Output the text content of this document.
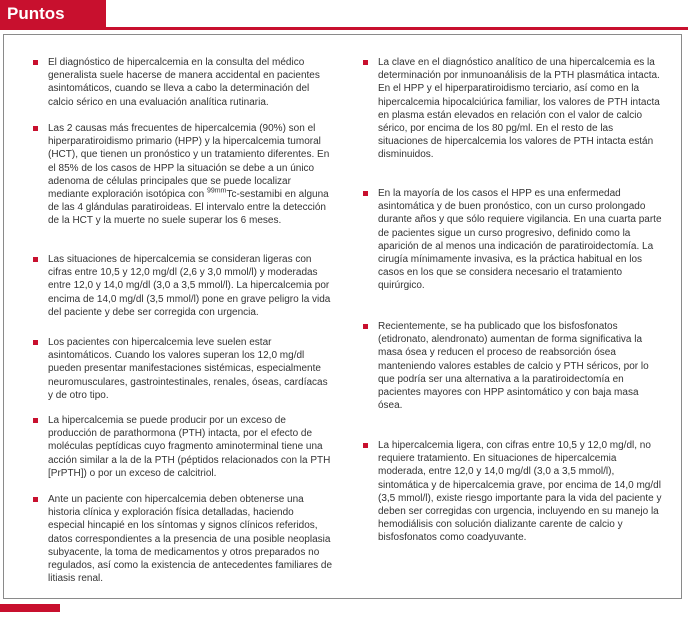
Puntos clave
El diagnóstico de hipercalcemia en la consulta del médico generalista suele hacerse de manera accidental en pacientes asintomáticos, cuando se lleva a cabo la determinación del calcio sérico en una evaluación analítica rutinaria.
Las 2 causas más frecuentes de hipercalcemia (90%) son el hiperparatiroidismo primario (HPP) y la hipercalcemia tumoral (HCT), que tienen un pronóstico y un tratamiento diferentes. En el 85% de los casos de HPP la situación se debe a un único adenoma de células principales que se puede localizar mediante exploración isotópica con $^{99mm}$Tc-sestamibi en alguna de las 4 glándulas paratiroideas. El intervalo entre la detección de la HCT y la muerte no suele superar los 6 meses.
Las situaciones de hipercalcemia se consideran ligeras con cifras entre 10,5 y 12,0 mg/dl (2,6 y 3,0 mmol/l) y moderadas entre 12,0 y 14,0 mg/dl (3,0 a 3,5 mmol/l). La hipercalcemia por encima de 14,0 mg/dl (3,5 mmol/l) pone en grave peligro la vida del paciente y debe ser corregida con urgencia.
Los pacientes con hipercalcemia leve suelen estar asintomáticos. Cuando los valores superan los 12,0 mg/dl pueden presentar manifestaciones sistémicas, especialmente neuromusculares, gastrointestinales, renales, óseas, cardíacas y de otro tipo.
La hipercalcemia se puede producir por un exceso de producción de parathormona (PTH) intacta, por el efecto de moléculas peptídicas cuyo fragmento aminoterminal tiene una acción similar a la de la PTH (péptidos relacionados con la PTH [PrPTH]) o por un exceso de calcitriol.
Ante un paciente con hipercalcemia deben obtenerse una historia clínica y exploración física detalladas, haciendo especial hincapié en los síntomas y signos clínicos referidos, datos correspondientes a la presencia de una posible neoplasia subyacente, la toma de medicamentos y otros preparados no regulados, así como la existencia de antecedentes familiares de litiasis renal.
La clave en el diagnóstico analítico de una hipercalcemia es la determinación por inmunoanálisis de la PTH plasmática intacta. En el HPP y el hiperparatiroidismo terciario, así como en la hipercalcemia hipocalciúrica familiar, los valores de PTH intacta en plasma están elevados en relación con el valor de calcio sérico, por encima de los 80 pg/ml. En el resto de las situaciones de hipercalcemia los valores de PTH intacta están disminuidos.
En la mayoría de los casos el HPP es una enfermedad asintomática y de buen pronóstico, con un curso prolongado durante años y que sólo requiere vigilancia. En una cuarta parte de pacientes sigue un curso progresivo, definido como la aparición de al menos una indicación de paratiroidectomía. La cirugía mínimamente invasiva, es la práctica habitual en los casos en los que se considera necesario el tratamiento quirúrgico.
Recientemente, se ha publicado que los bisfosfonatos (etidronato, alendronato) aumentan de forma significativa la masa ósea y reducen el proceso de reabsorción ósea manteniendo valores estables de calcio y PTH séricos, por lo que podría ser una alternativa a la paratiroidectomía en pacientes mayores con HPP asintomático y con baja masa ósea.
La hipercalcemia ligera, con cifras entre 10,5 y 12,0 mg/dl, no requiere tratamiento. En situaciones de hipercalcemia moderada, entre 12,0 y 14,0 mg/dl (3,0 a 3,5 mmol/l), sintomática y de hipercalcemia grave, por encima de 14,0 mg/dl (3,5 mmol/l), existe riesgo importante para la vida del paciente y deben ser corregidas con urgencia, incluyendo en su manejo la hemodiálisis con solución dializante carente de calcio y bisfosfonatos como coadyuvante.
